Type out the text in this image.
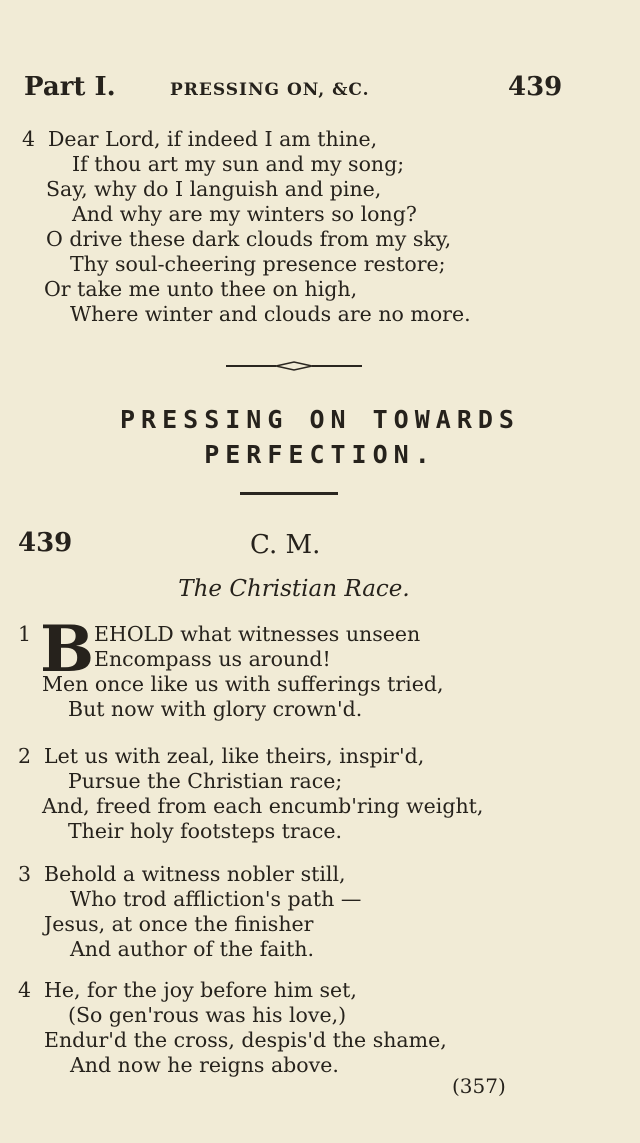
Part I.	PRESSING ON, &C.	439
4 Dear Lord, if indeed I am thine,
If thou art my sun and my song;
Say, why do I languish and pine,
And why are my winters so long?
O drive these dark clouds from my sky,
Thy soul-cheering presence restore;
Or take me unto thee on high,
Where winter and clouds are no more.
PRESSING ON TOWARDS
PERFECTION.
439	C. M.
The Christian Race.
1 B EHOLD what witnesses unseen
Encompass us around!
Men once like us with sufferings tried,
But now with glory crown'd.
2 Let us with zeal, like theirs, inspir'd,
Pursue the Christian race;
And, freed from each encumb'ring weight,
Their holy footsteps trace.
3 Behold a witness nobler still,
Who trod affliction's path —
Jesus, at once the finisher
And author of the faith.
4 He, for the joy before him set,
(So gen'rous was his love,)
Endur'd the cross, despis'd the shame,
And now he reigns above.
(357)
